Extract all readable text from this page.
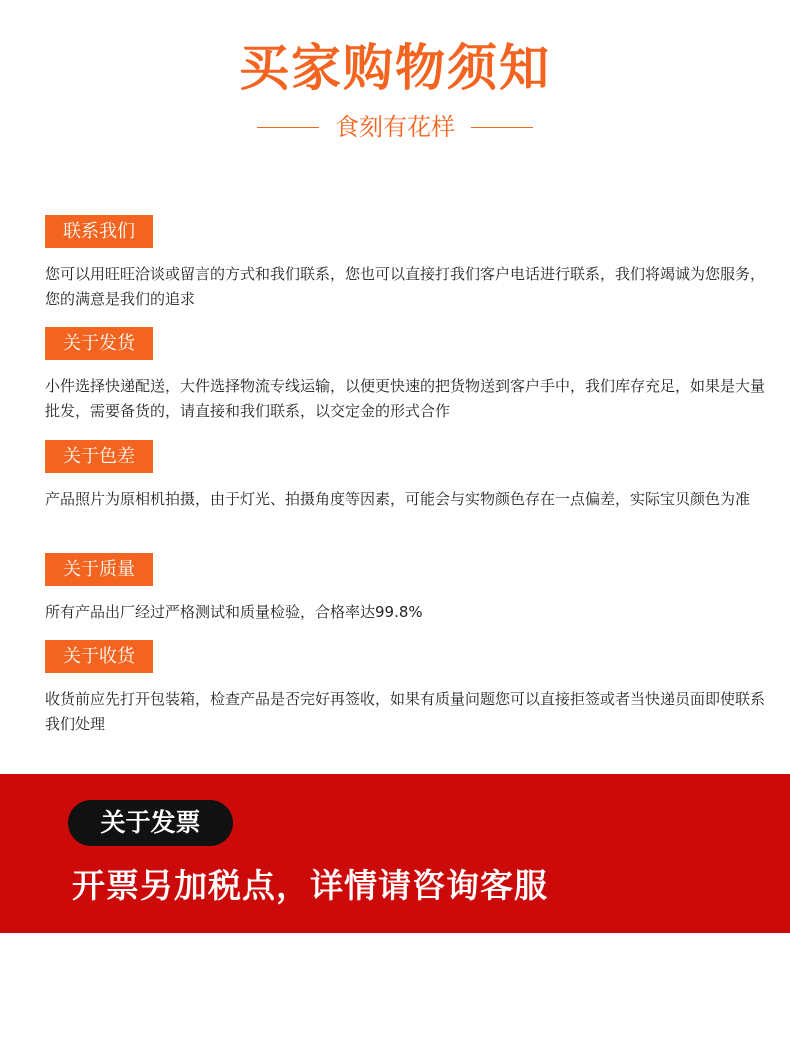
买家购物须知
食刻有花样
联系我们
您可以用旺旺洽谈或留言的方式和我们联系，您也可以直接打我们客户电话进行联系，我们将竭诚为您服务，您的满意是我们的追求
关于发货
小件选择快递配送，大件选择物流专线运输，以便更快速的把货物送到客户手中，我们库存充足，如果是大量批发，需要备货的，请直接和我们联系，以交定金的形式合作
关于色差
产品照片为原相机拍摄，由于灯光、拍摄角度等因素，可能会与实物颜色存在一点偏差，实际宝贝颜色为准
关于质量
所有产品出厂经过严格测试和质量检验，合格率达99.8%
关于收货
收货前应先打开包装箱，检查产品是否完好再签收，如果有质量问题您可以直接拒签或者当快递员面即使联系我们处理
关于发票
开票另加税点，详情请咨询客服
